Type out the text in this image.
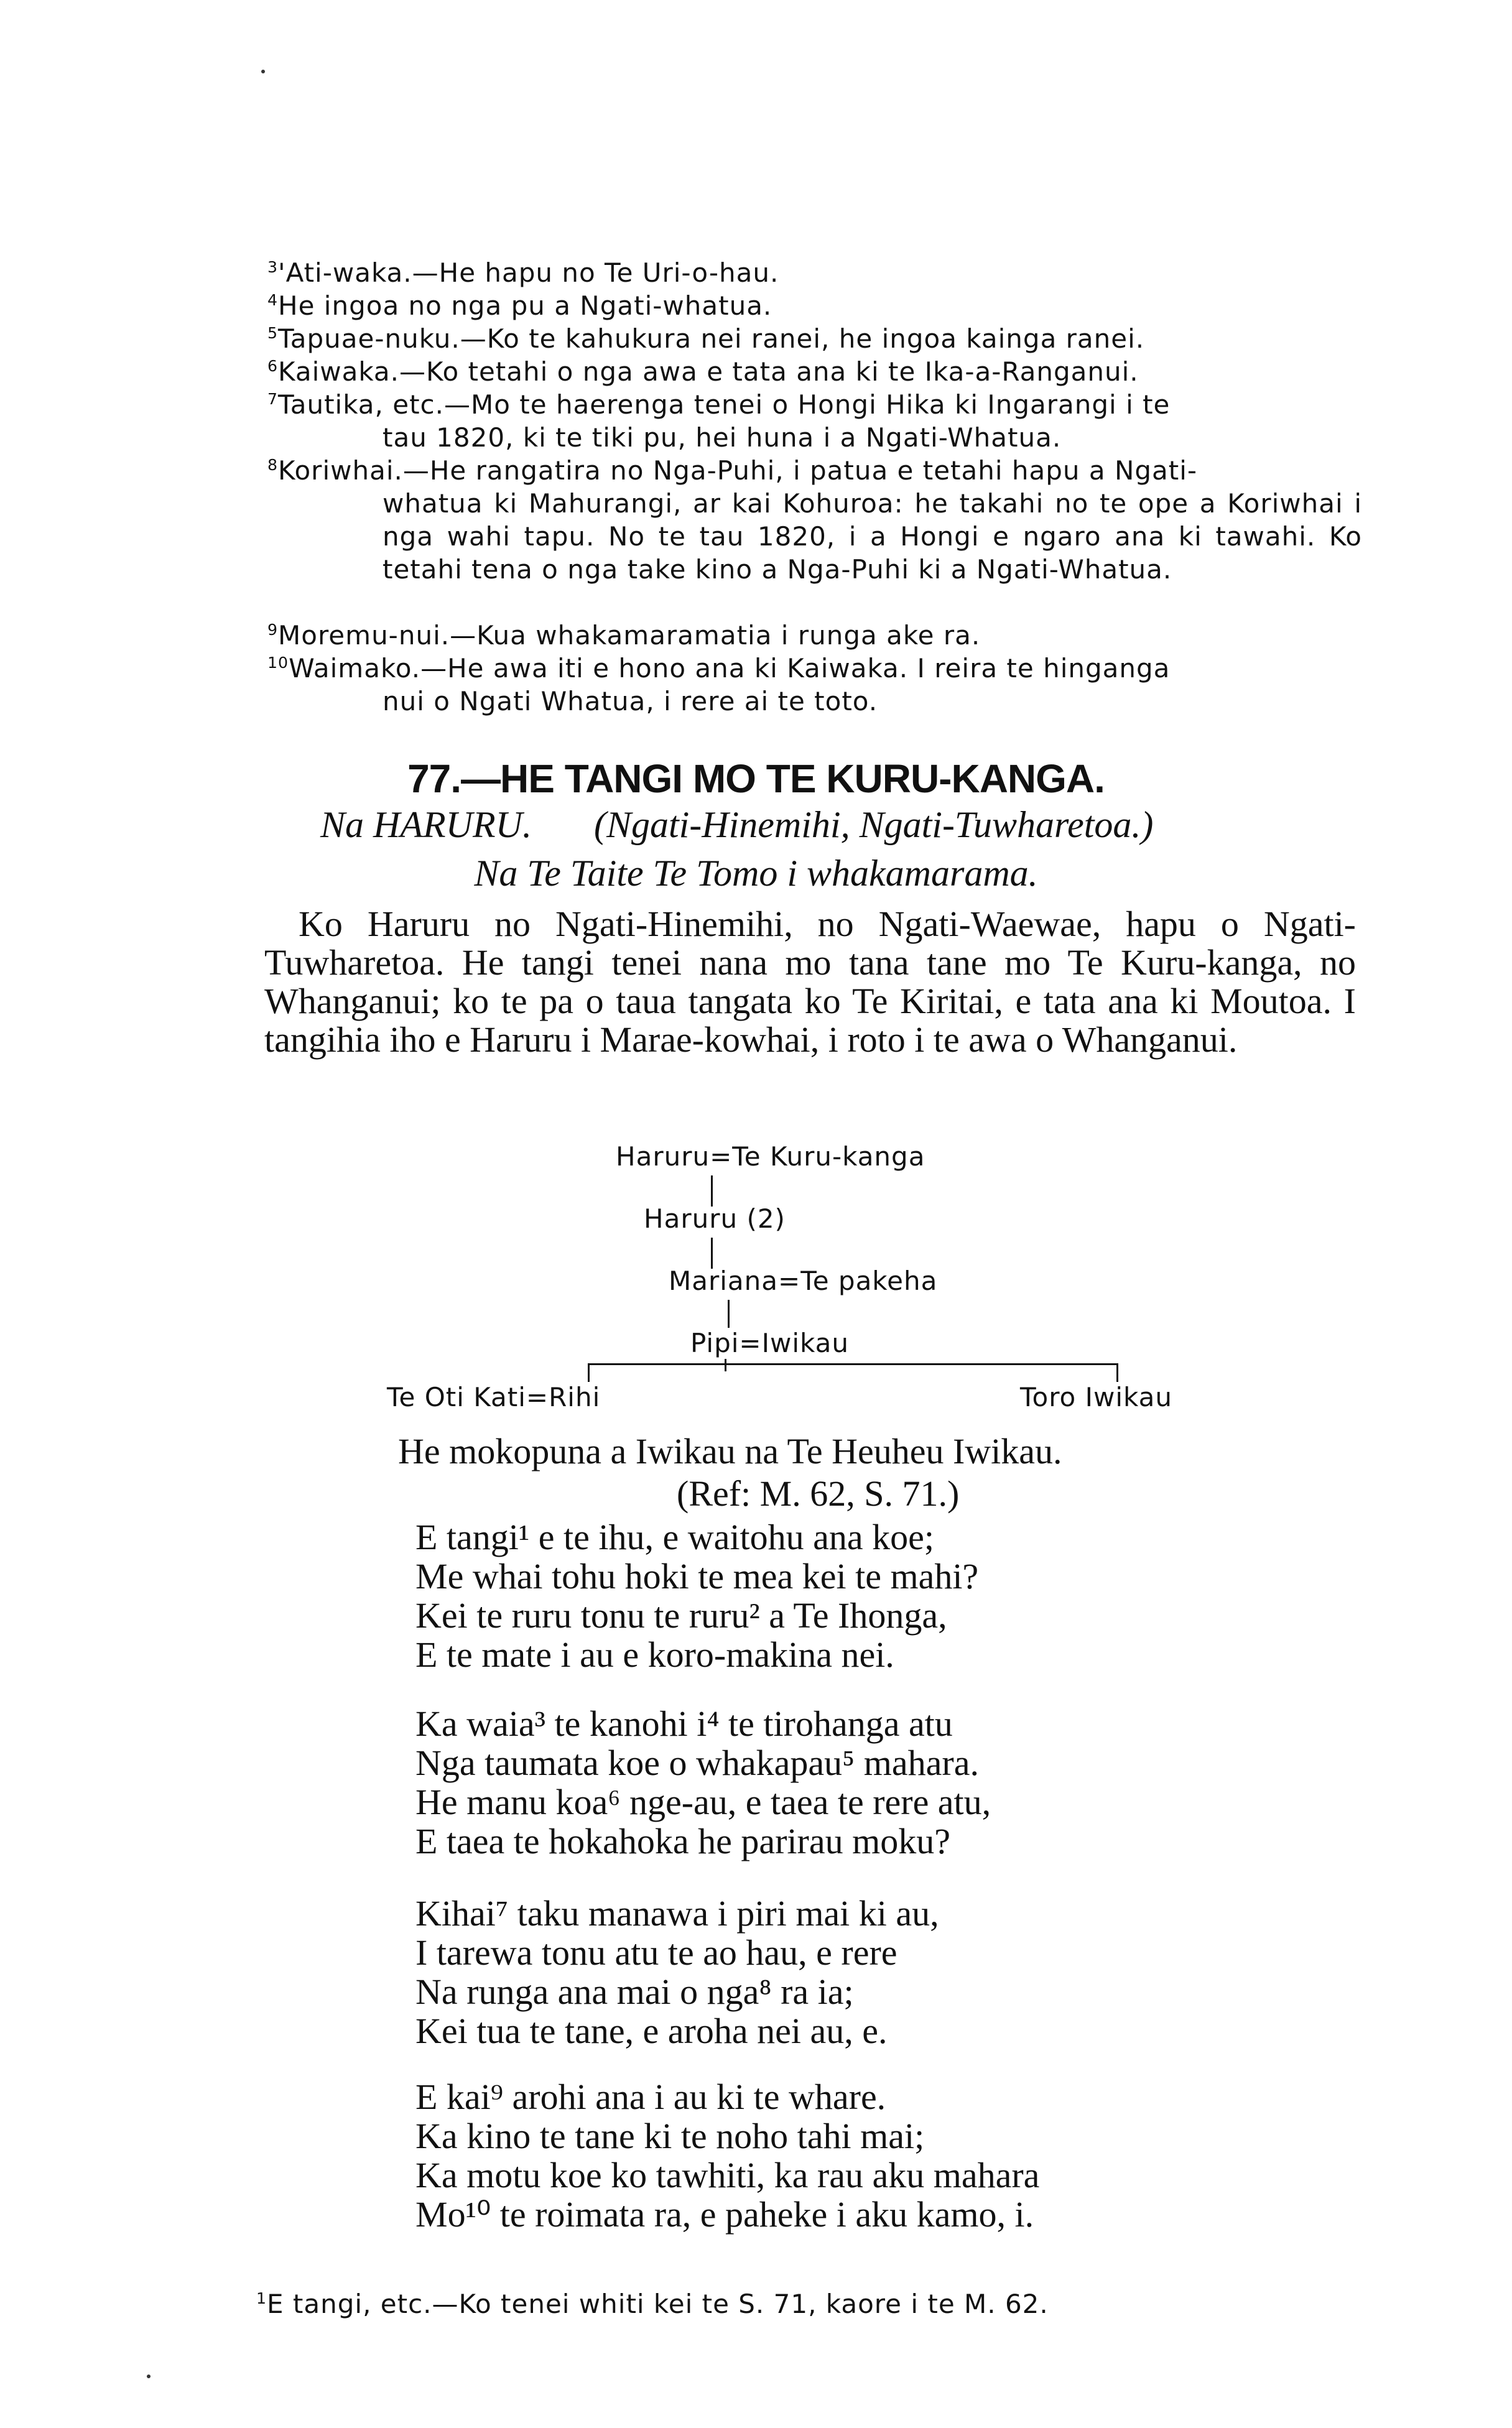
$^3$'Ati-waka.—He hapu no Te Uri-o-hau.
$^4$He ingoa no nga pu a Ngati-whatua.
$^5$Tapuae-nuku.—Ko te kahukura nei ranei, he ingoa kainga ranei.
$^6$Kaiwaka.—Ko tetahi o nga awa e tata ana ki te Ika-a-Ranganui.
$^7$Tautika, etc.—Mo te haerenga tenei o Hongi Hika ki Ingarangi i te
tau 1820, ki te tiki pu, hei huna i a Ngati-Whatua.
$^8$Koriwhai.—He rangatira no Nga-Puhi, i patua e tetahi hapu a Ngati-
whatua ki Mahurangi, ar kai Kohuroa: he takahi no te ope a Koriwhai i nga wahi tapu. No te tau 1820, i a Hongi e ngaro ana ki tawahi. Ko tetahi tena o nga take kino a Nga-Puhi ki a Ngati-Whatua.
$^9$Moremu-nui.—Kua whakamaramatia i runga ake ra.
$^{10}$Waimako.—He awa iti e hono ana ki Kaiwaka. I reira te hinganga
nui o Ngati Whatua, i rere ai te toto.
77.—HE TANGI MO TE KURU-KANGA.
Na HARURU. (Ngati-Hinemihi, Ngati-Tuwharetoa.)
Na Te Taite Te Tomo i whakamarama.

Ko Haruru no Ngati-Hinemihi, no Ngati-Waewae, hapu o Ngati-Tuwharetoa. He tangi tenei nana mo tana tane mo Te Kuru-kanga, no Whanganui; ko te pa o taua tangata ko Te Kiritai, e tata ana ki Moutoa. I tangihia iho e Haruru i Marae-kowhai, i roto i te awa o Whanganui.

Haruru=Te Kuru-kanga
Haruru (2)
Mariana=Te pakeha
Pipi=Iwikau
Te Oti Kati=Rihi	Toro Iwikau
He mokopuna a Iwikau na Te Heuheu Iwikau.
(Ref: M. 62, S. 71.)
E tangi¹ e te ihu, e waitohu ana koe;
Me whai tohu hoki te mea kei te mahi?
Kei te ruru tonu te ruru² a Te Ihonga,
E te mate i au e koro-makina nei.
Ka waia³ te kanohi i⁴ te tirohanga atu
Nga taumata koe o whakapau⁵ mahara.
He manu koa⁶ nge-au, e taea te rere atu,
E taea te hokahoka he parirau moku?
Kihai⁷ taku manawa i piri mai ki au,
I tarewa tonu atu te ao hau, e rere
Na runga ana mai o nga⁸ ra ia;
Kei tua te tane, e aroha nei au, e.
E kai⁹ arohi ana i au ki te whare.
Ka kino te tane ki te noho tahi mai;
Ka motu koe ko tawhiti, ka rau aku mahara
Mo¹⁰ te roimata ra, e paheke i aku kamo, i.
$^1$E tangi, etc.—Ko tenei whiti kei te S. 71, kaore i te M. 62.
